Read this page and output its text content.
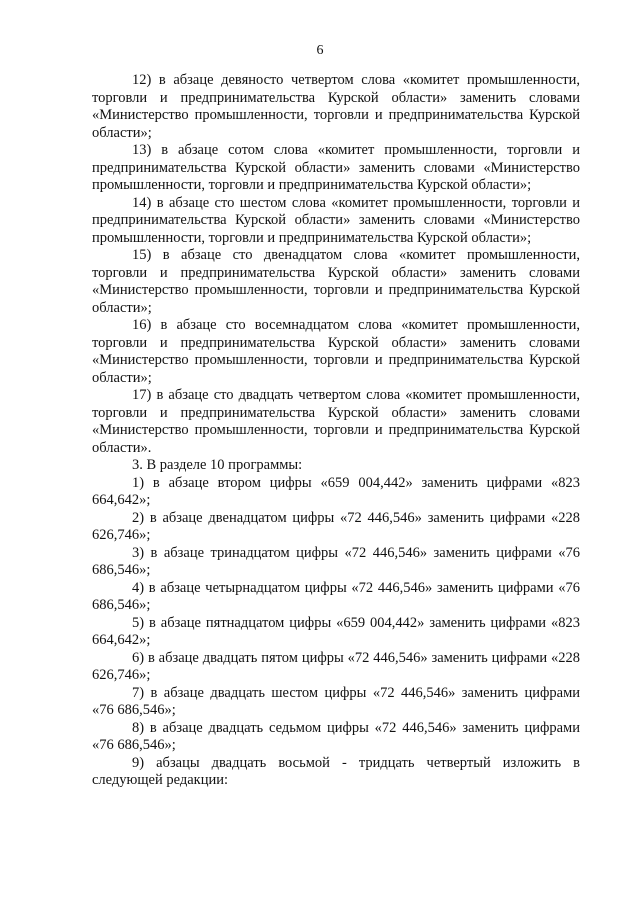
6

12) в абзаце девяносто четвертом слова «комитет промышленности, торговли и предпринимательства Курской области» заменить словами «Министерство промышленности, торговли и предпринимательства Курской области»;

13) в абзаце сотом слова «комитет промышленности, торговли и предпринимательства Курской области» заменить словами «Министерство промышленности, торговли и предпринимательства Курской области»;

14) в абзаце сто шестом слова «комитет промышленности, торговли и предпринимательства Курской области» заменить словами «Министерство промышленности, торговли и предпринимательства Курской области»;

15) в абзаце сто двенадцатом слова «комитет промышленности, торговли и предпринимательства Курской области» заменить словами «Министерство промышленности, торговли и предпринимательства Курской области»;

16) в абзаце сто восемнадцатом слова «комитет промышленности, торговли и предпринимательства Курской области» заменить словами «Министерство промышленности, торговли и предпринимательства Курской области»;

17) в абзаце сто двадцать четвертом слова «комитет промышленности, торговли и предпринимательства Курской области» заменить словами «Министерство промышленности, торговли и предпринимательства Курской области».

3. В разделе 10 программы:

1) в абзаце втором цифры «659 004,442» заменить цифрами «823 664,642»;

2) в абзаце двенадцатом цифры «72 446,546» заменить цифрами «228 626,746»;

3) в абзаце тринадцатом цифры «72 446,546» заменить цифрами «76 686,546»;

4) в абзаце четырнадцатом цифры «72 446,546» заменить цифрами «76 686,546»;

5) в абзаце пятнадцатом цифры «659 004,442» заменить цифрами «823 664,642»;

6) в абзаце двадцать пятом цифры «72 446,546» заменить цифрами «228 626,746»;

7) в абзаце двадцать шестом цифры «72 446,546» заменить цифрами «76 686,546»;

8) в абзаце двадцать седьмом цифры «72 446,546» заменить цифрами «76 686,546»;

9) абзацы двадцать восьмой - тридцать четвертый изложить в следующей редакции:
